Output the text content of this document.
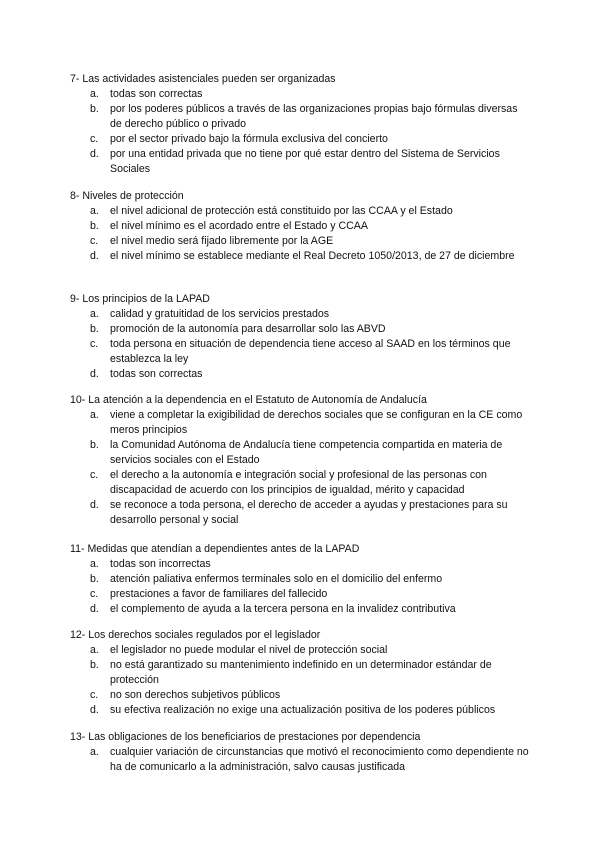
7- Las actividades asistenciales pueden ser organizadas
a. todas son correctas
b. por los poderes públicos a través de las organizaciones propias bajo fórmulas diversas de derecho público o privado
c. por el sector privado bajo la fórmula exclusiva del concierto
d. por una entidad privada que no tiene por qué estar dentro del Sistema de Servicios Sociales
8- Niveles de protección
a. el nivel adicional de protección está constituido por las CCAA y el Estado
b. el nivel mínimo es el acordado entre el Estado y CCAA
c. el nivel medio será fijado libremente por la AGE
d. el nivel mínimo se establece mediante el Real Decreto 1050/2013, de 27 de diciembre
9- Los principios de la LAPAD
a. calidad y gratuitidad de los servicios prestados
b. promoción de la autonomía para desarrollar solo las ABVD
c. toda persona en situación de dependencia tiene acceso al SAAD en los términos que establezca la ley
d. todas son correctas
10- La atención a la dependencia en el Estatuto de Autonomía de Andalucía
a. viene a completar la exigibilidad de derechos sociales que se configuran en la CE como meros principios
b. la Comunidad Autónoma de Andalucía tiene competencia compartida en materia de servicios sociales con el Estado
c. el derecho a la autonomía e integración social y profesional de las personas con discapacidad de acuerdo con los principios de igualdad, mérito y capacidad
d. se reconoce a toda persona, el derecho de acceder a ayudas y prestaciones para su desarrollo personal y social
11- Medidas que atendían a dependientes antes de la LAPAD
a. todas son incorrectas
b. atención paliativa enfermos terminales solo en el domicilio del enfermo
c. prestaciones a favor de familiares del fallecido
d. el complemento de ayuda a la tercera persona en la invalidez contributiva
12- Los derechos sociales regulados por el legislador
a. el legislador no puede modular el nivel de protección social
b. no está garantizado su mantenimiento indefinido en un determinador estándar de protección
c. no son derechos subjetivos públicos
d. su efectiva realización no exige una actualización positiva de los poderes públicos
13- Las obligaciones de los beneficiarios de prestaciones por dependencia
a. cualquier variación de circunstancias que motivó el reconocimiento como dependiente no ha de comunicarlo a la administración, salvo causas justificada
